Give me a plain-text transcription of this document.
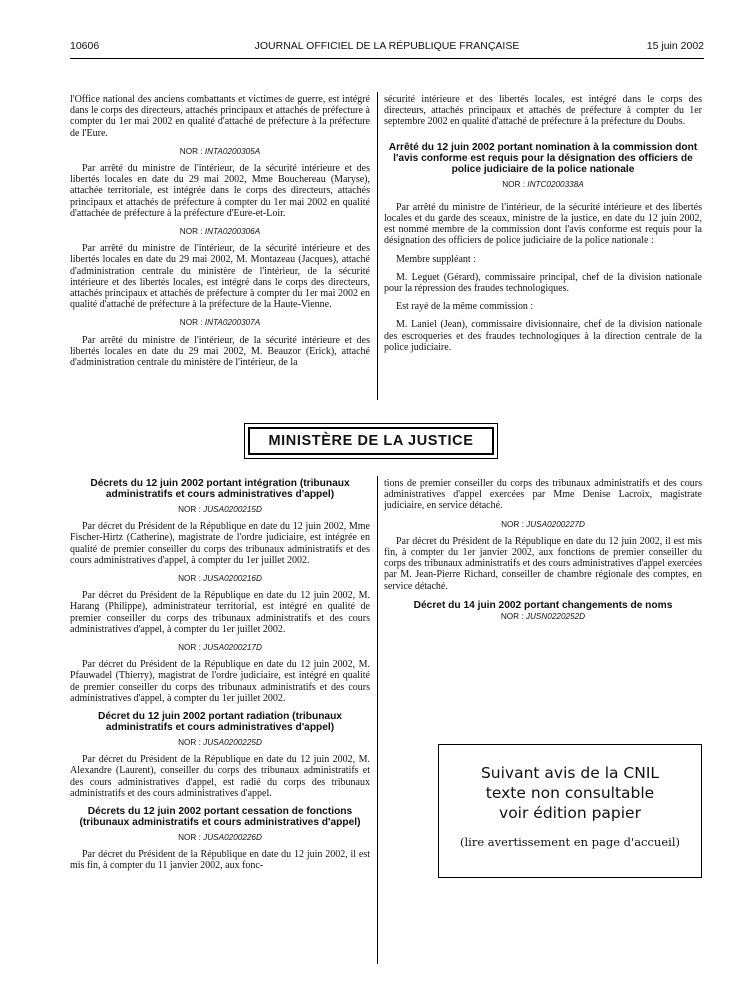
10606	JOURNAL OFFICIEL DE LA RÉPUBLIQUE FRANÇAISE	15 juin 2002

l'Office national des anciens combattants et victimes de guerre, est intégré dans le corps des directeurs, attachés principaux et attachés de préfecture à compter du 1er mai 2002 en qualité d'attaché de préfecture à la préfecture de l'Eure.

NOR : INTA0200305A

Par arrêté du ministre de l'intérieur, de la sécurité intérieure et des libertés locales en date du 29 mai 2002, Mme Bouchereau (Maryse), attachée territoriale, est intégrée dans le corps des directeurs, attachés principaux et attachés de préfecture à compter du 1er mai 2002 en qualité d'attachée de préfecture à la préfecture d'Eure-et-Loir.

NOR : INTA0200306A

Par arrêté du ministre de l'intérieur, de la sécurité intérieure et des libertés locales en date du 29 mai 2002, M. Montazeau (Jacques), attaché d'administration centrale du ministère de l'intérieur, de la sécurité intérieure et des libertés locales, est intégré dans le corps des directeurs, attachés principaux et attachés de préfecture à compter du 1er mai 2002 en qualité d'attaché de préfecture à la préfecture de la Haute-Vienne.

NOR : INTA0200307A

Par arrêté du ministre de l'intérieur, de la sécurité intérieure et des libertés locales en date du 29 mai 2002, M. Beauzor (Erick), attaché d'administration centrale du ministère de l'intérieur, de la

sécurité intérieure et des libertés locales, est intégré dans le corps des directeurs, attachés principaux et attachés de préfecture à compter du 1er septembre 2002 en qualité d'attaché de préfecture à la préfecture du Doubs.

Arrêté du 12 juin 2002 portant nomination à la commission dont l'avis conforme est requis pour la désignation des officiers de police judiciaire de la police nationale
NOR : INTC0200338A

Par arrêté du ministre de l'intérieur, de la sécurité intérieure et des libertés locales et du garde des sceaux, ministre de la justice, en date du 12 juin 2002, est nommé membre de la commission dont l'avis conforme est requis pour la désignation des officiers de police judiciaire de la police nationale :

Membre suppléant :

M. Leguet (Gérard), commissaire principal, chef de la division nationale pour la répression des fraudes technologiques.

Est rayé de la même commission :

M. Laniel (Jean), commissaire divisionnaire, chef de la division nationale des escroqueries et des fraudes technologiques à la direction centrale de la police judiciaire.

MINISTÈRE DE LA JUSTICE
Décrets du 12 juin 2002 portant intégration (tribunaux administratifs et cours administratives d'appel)
NOR : JUSA0200215D

Par décret du Président de la République en date du 12 juin 2002, Mme Fischer-Hirtz (Catherine), magistrate de l'ordre judiciaire, est intégrée en qualité de premier conseiller du corps des tribunaux administratifs et des cours administratives d'appel, à compter du 1er juillet 2002.

NOR : JUSA0200216D

Par décret du Président de la République en date du 12 juin 2002, M. Harang (Philippe), administrateur territorial, est intégré en qualité de premier conseiller du corps des tribunaux administratifs et des cours administratives d'appel, à compter du 1er juillet 2002.

NOR : JUSA0200217D

Par décret du Président de la République en date du 12 juin 2002, M. Pfauwadel (Thierry), magistrat de l'ordre judiciaire, est intégré en qualité de premier conseiller du corps des tribunaux administratifs et des cours administratives d'appel, à compter du 1er juillet 2002.

Décret du 12 juin 2002 portant radiation (tribunaux administratifs et cours administratives d'appel)
NOR : JUSA0200225D

Par décret du Président de la République en date du 12 juin 2002, M. Alexandre (Laurent), conseiller du corps des tribunaux administratifs et des cours administratives d'appel, est radié du corps des tribunaux administratifs et des cours administratives d'appel.

Décrets du 12 juin 2002 portant cessation de fonctions (tribunaux administratifs et cours administratives d'appel)
NOR : JUSA0200226D

Par décret du Président de la République en date du 12 juin 2002, il est mis fin, à compter du 11 janvier 2002, aux fonc-

tions de premier conseiller du corps des tribunaux administratifs et des cours administratives d'appel exercées par Mme Denise Lacroix, magistrate judiciaire, en service détaché.

NOR : JUSA0200227D

Par décret du Président de la République en date du 12 juin 2002, il est mis fin, à compter du 1er janvier 2002, aux fonctions de premier conseiller du corps des tribunaux administratifs et des cours administratives d'appel exercées par M. Jean-Pierre Richard, conseiller de chambre régionale des comptes, en service détaché.

Décret du 14 juin 2002 portant changements de noms
NOR : JUSN0220252D
Suivant avis de la CNIL
texte non consultable
voir édition papier
(lire avertissement en page d'accueil)
